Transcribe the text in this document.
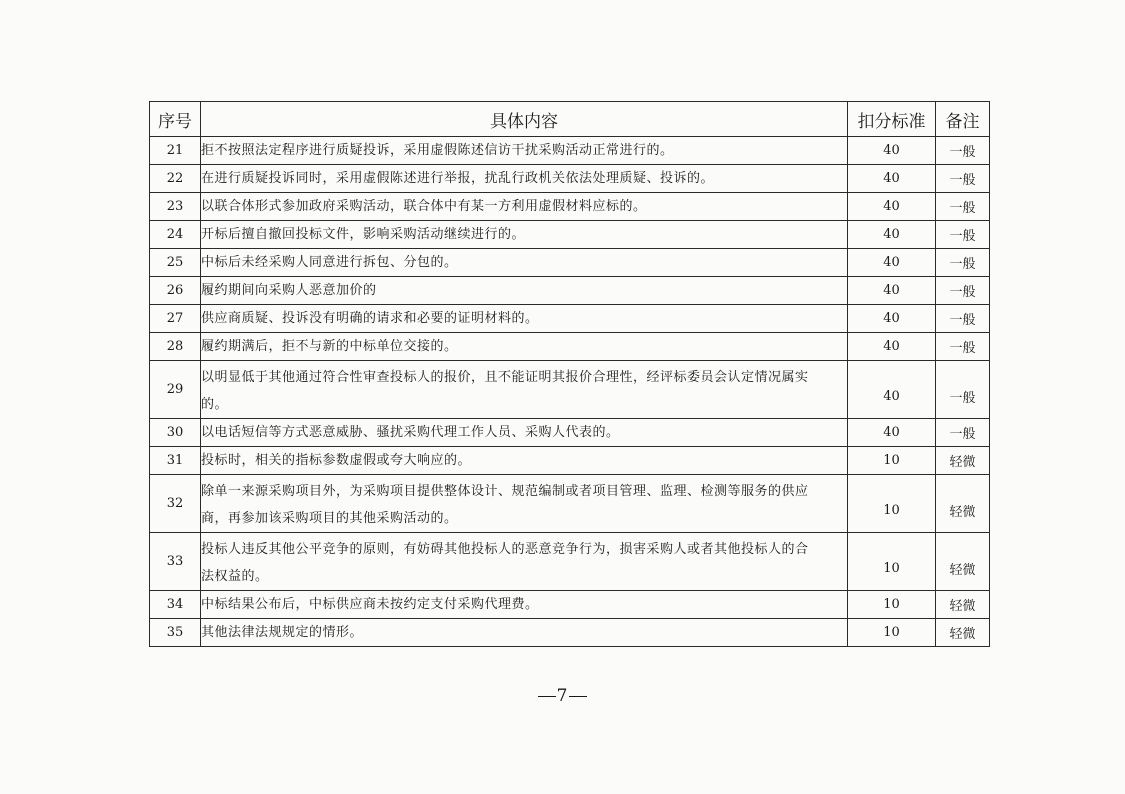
序号	具体内容	扣分标准	备注
21	拒不按照法定程序进行质疑投诉，采用虚假陈述信访干扰采购活动正常进行的。	40	一般
22	在进行质疑投诉同时，采用虚假陈述进行举报，扰乱行政机关依法处理质疑、投诉的。	40	一般
23	以联合体形式参加政府采购活动，联合体中有某一方利用虚假材料应标的。	40	一般
24	开标后擅自撤回投标文件，影响采购活动继续进行的。	40	一般
25	中标后未经采购人同意进行拆包、分包的。	40	一般
26	履约期间向采购人恶意加价的	40	一般
27	供应商质疑、投诉没有明确的请求和必要的证明材料的。	40	一般
28	履约期满后，拒不与新的中标单位交接的。	40	一般
29	以明显低于其他通过符合性审查投标人的报价，且不能证明其报价合理性，经评标委员会认定情况属实
的。	40	一般
30	以电话短信等方式恶意威胁、骚扰采购代理工作人员、采购人代表的。	40	一般
31	投标时，相关的指标参数虚假或夸大响应的。	10	轻微
32	除单一来源采购项目外，为采购项目提供整体设计、规范编制或者项目管理、监理、检测等服务的供应
商，再参加该采购项目的其他采购活动的。	10	轻微
33	投标人违反其他公平竞争的原则，有妨碍其他投标人的恶意竞争行为，损害采购人或者其他投标人的合
法权益的。	10	轻微
34	中标结果公布后，中标供应商未按约定支付采购代理费。	10	轻微
35	其他法律法规规定的情形。	10	轻微
7
